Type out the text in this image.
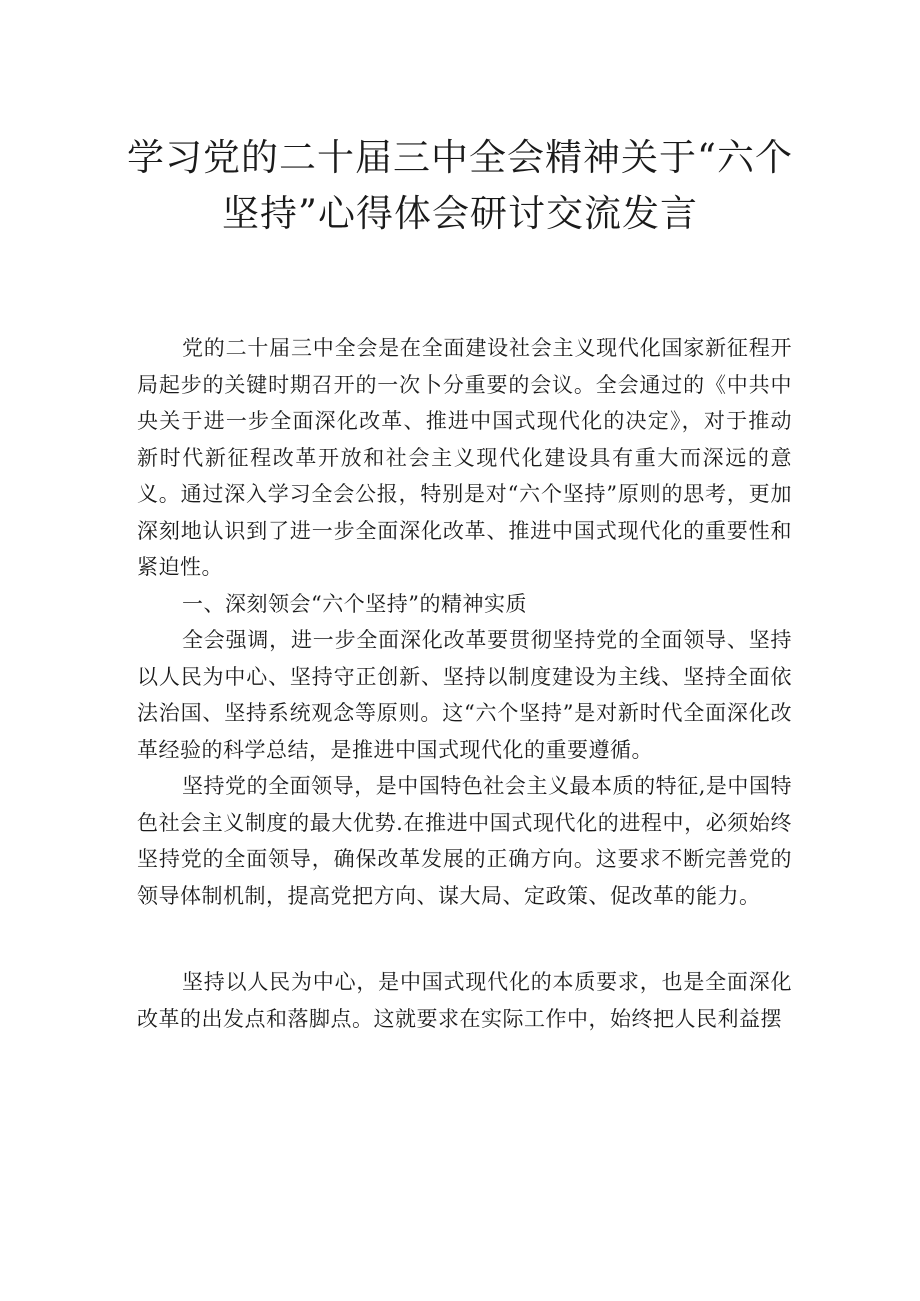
学习党的二十届三中全会精神关于“六个
坚持”心得体会研讨交流发言

党的二十届三中全会是在全面建设社会主义现代化国家新征程开局起步的关键时期召开的一次卜分重要的会议。全会通过的《中共中央关于进一步全面深化改革、推进中国式现代化的决定》，对于推动新时代新征程改革开放和社会主义现代化建设具有重大而深远的意义。通过深入学习全会公报，特别是对“六个坚持”原则的思考，更加深刻地认识到了进一步全面深化改革、推进中国式现代化的重要性和紧迫性。

一、深刻领会“六个坚持”的精神实质

全会强调，进一步全面深化改革要贯彻坚持党的全面领导、坚持以人民为中心、坚持守正创新、坚持以制度建设为主线、坚持全面依法治国、坚持系统观念等原则。这“六个坚持”是对新时代全面深化改革经验的科学总结，是推进中国式现代化的重要遵循。

坚持党的全面领导，是中国特色社会主义最本质的特征,是中国特色社会主义制度的最大优势.在推进中国式现代化的进程中，必须始终坚持党的全面领导，确保改革发展的正确方向。这要求不断完善党的领导体制机制，提高党把方向、谋大局、定政策、促改革的能力。

坚持以人民为中心，是中国式现代化的本质要求，也是全面深化改革的出发点和落脚点。这就要求在实际工作中，始终把人民利益摆
